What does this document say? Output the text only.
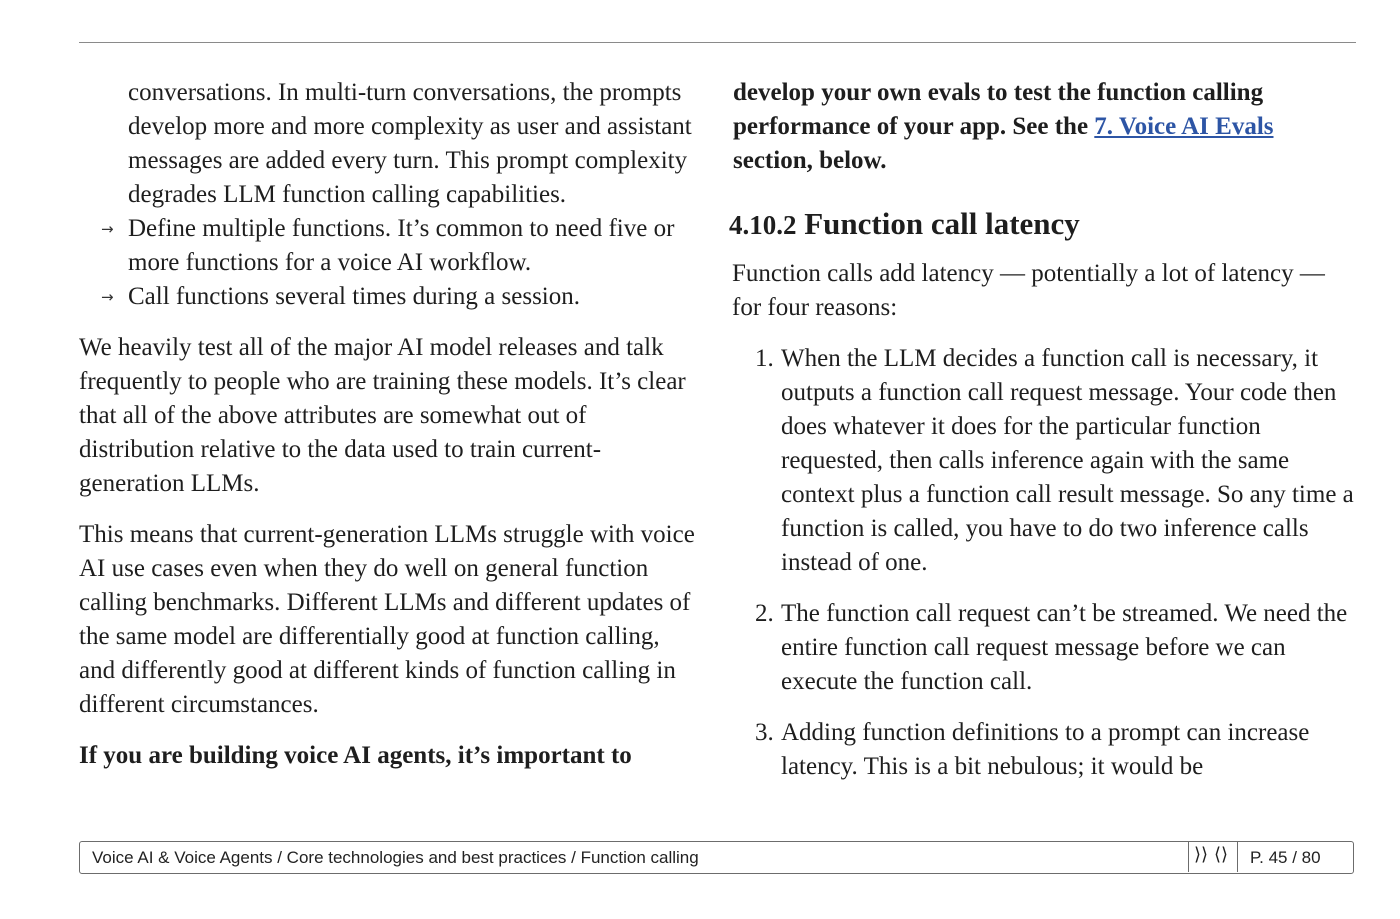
conversations. In multi-turn conversations, the prompts develop more and more complexity as user and assistant messages are added every turn. This prompt complexity degrades LLM function calling capabilities.

→ Define multiple functions. It’s common to need five or more functions for a voice AI workflow.
→ Call functions several times during a session.

We heavily test all of the major AI model releases and talk frequently to people who are training these models. It’s clear that all of the above attributes are somewhat out of distribution relative to the data used to train current-generation LLMs.

This means that current-generation LLMs struggle with voice AI use cases even when they do well on general function calling benchmarks. Different LLMs and different updates of the same model are differentially good at function calling, and differently good at different kinds of function calling in different circumstances.

If you are building voice AI agents, it’s important to

develop your own evals to test the function calling performance of your app. See the 7. Voice AI Evals section, below.

4.10.2 Function call latency

Function calls add latency — potentially a lot of latency — for four reasons:

1. When the LLM decides a function call is necessary, it outputs a function call request message. Your code then does whatever it does for the particular function requested, then calls inference again with the same context plus a function call result message. So any time a function is called, you have to do two inference calls instead of one.
2. The function call request can’t be streamed. We need the entire function call request message before we can execute the function call.
3. Adding function definitions to a prompt can increase latency. This is a bit nebulous; it would be
Voice AI & Voice Agents / Core technologies and best practices / Function calling	⟩⟩ ⟨⟩ P. 45 / 80
